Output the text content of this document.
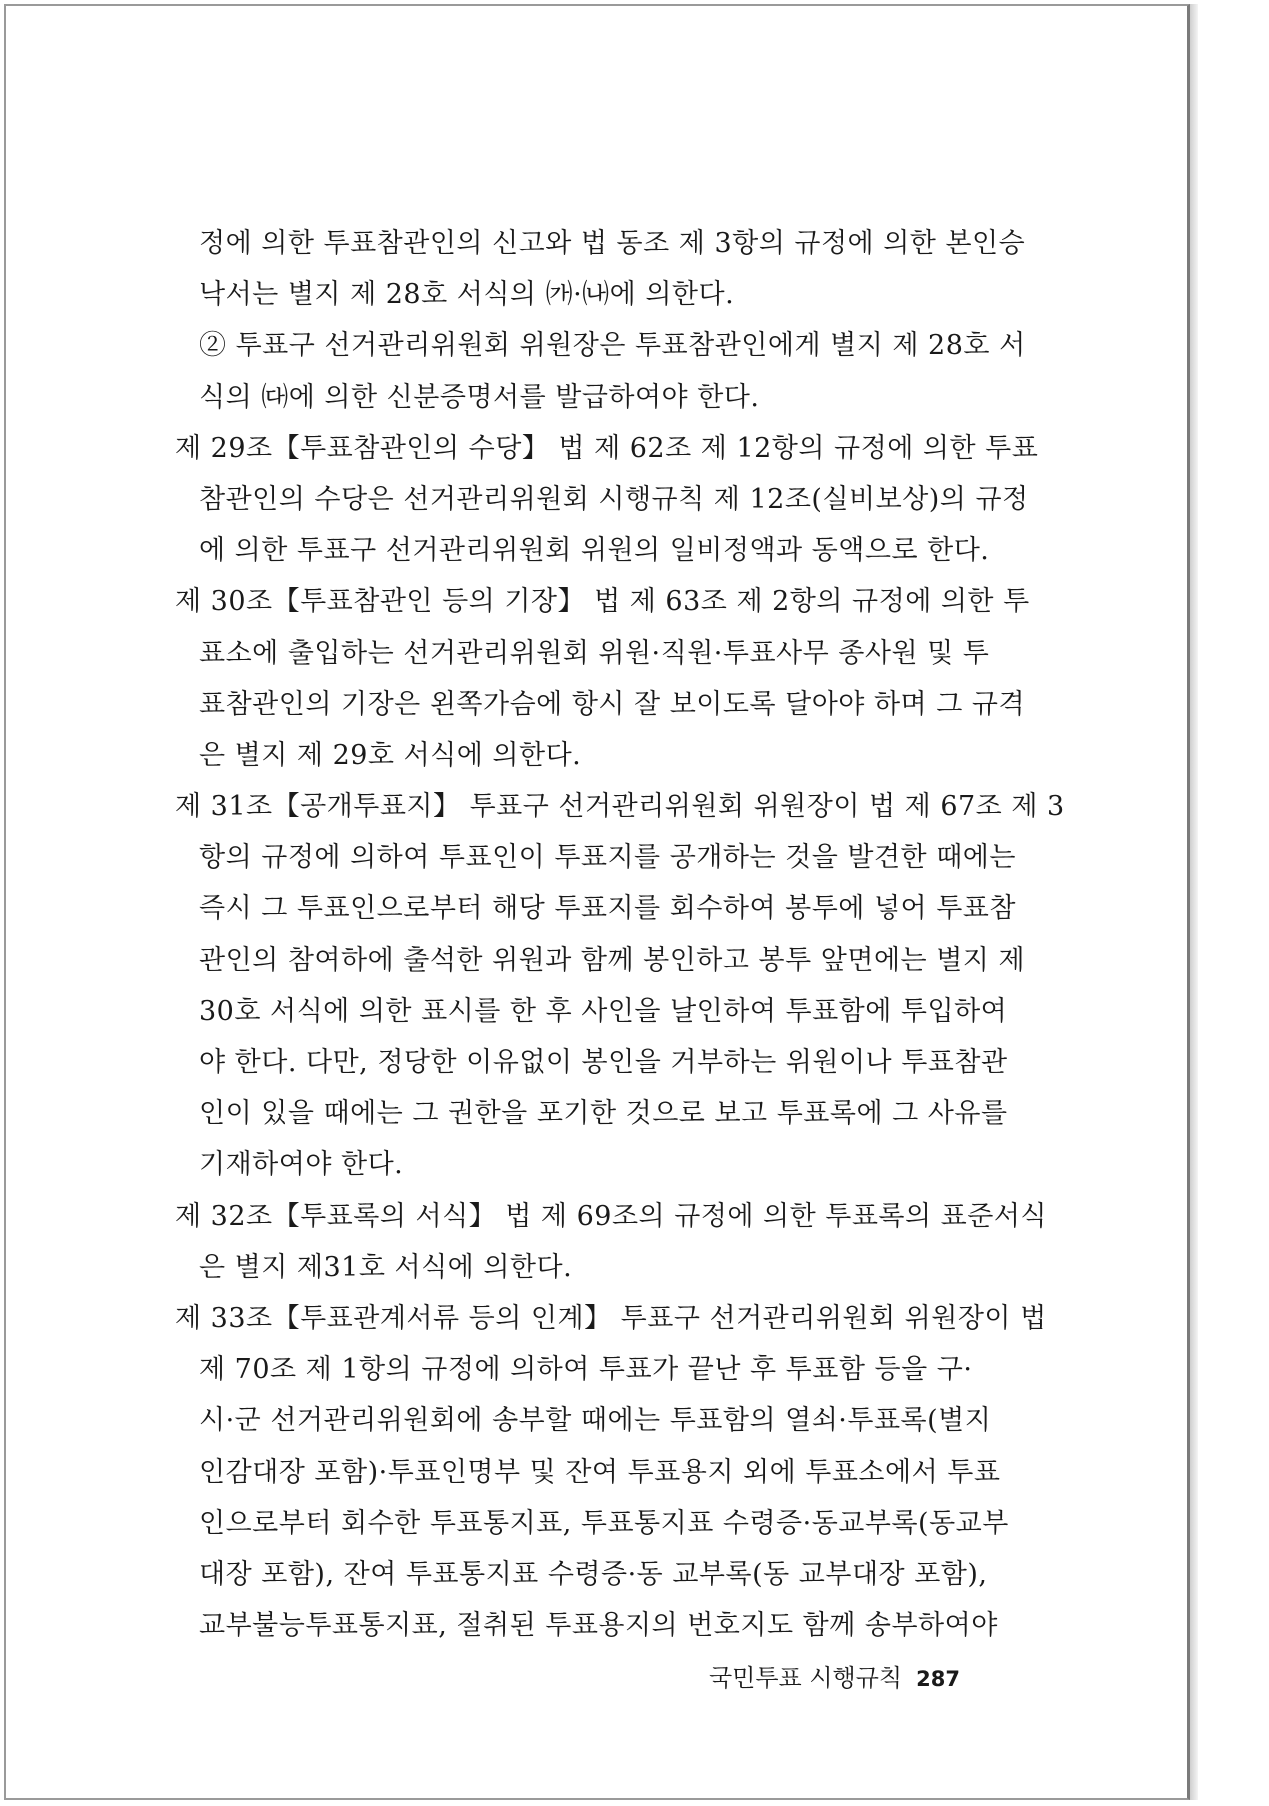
정에 의한 투표참관인의 신고와 법 동조 제 3항의 규정에 의한 본인승
낙서는 별지 제 28호 서식의 ㈎·㈏에 의한다.
② 투표구 선거관리위원회 위원장은 투표참관인에게 별지 제 28호 서
식의 ㈐에 의한 신분증명서를 발급하여야 한다.
제 29조【투표참관인의 수당】 법 제 62조 제 12항의 규정에 의한 투표
참관인의 수당은 선거관리위원회 시행규칙 제 12조(실비보상)의 규정
에 의한 투표구 선거관리위원회 위원의 일비정액과 동액으로 한다.
제 30조【투표참관인 등의 기장】 법 제 63조 제 2항의 규정에 의한 투
표소에 출입하는 선거관리위원회 위원·직원·투표사무 종사원 및 투
표참관인의 기장은 왼쪽가슴에 항시 잘 보이도록 달아야 하며 그 규격
은 별지 제 29호 서식에 의한다.
제 31조【공개투표지】 투표구 선거관리위원회 위원장이 법 제 67조 제 3
항의 규정에 의하여 투표인이 투표지를 공개하는 것을 발견한 때에는
즉시 그 투표인으로부터 해당 투표지를 회수하여 봉투에 넣어 투표참
관인의 참여하에 출석한 위원과 함께 봉인하고 봉투 앞면에는 별지 제
30호 서식에 의한 표시를 한 후 사인을 날인하여 투표함에 투입하여
야 한다. 다만, 정당한 이유없이 봉인을 거부하는 위원이나 투표참관
인이 있을 때에는 그 권한을 포기한 것으로 보고 투표록에 그 사유를
기재하여야 한다.
제 32조【투표록의 서식】 법 제 69조의 규정에 의한 투표록의 표준서식
은 별지 제31호 서식에 의한다.
제 33조【투표관계서류 등의 인계】 투표구 선거관리위원회 위원장이 법
제 70조 제 1항의 규정에 의하여 투표가 끝난 후 투표함 등을 구·
시·군 선거관리위원회에 송부할 때에는 투표함의 열쇠·투표록(별지
인감대장 포함)·투표인명부 및 잔여 투표용지 외에 투표소에서 투표
인으로부터 회수한 투표통지표, 투표통지표 수령증·동교부록(동교부
대장 포함), 잔여 투표통지표 수령증·동 교부록(동 교부대장 포함),
교부불능투표통지표, 절취된 투표용지의 번호지도 함께 송부하여야
국민투표 시행규칙 287
